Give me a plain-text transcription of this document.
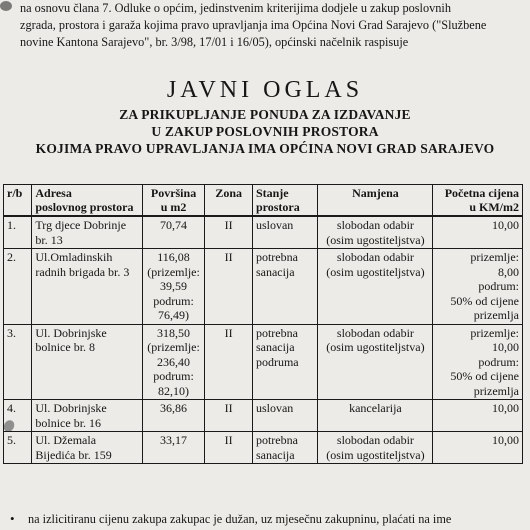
na osnovu člana 7. Odluke o općim, jedinstvenim kriterijima dodjele u zakup poslovnih

zgrada, prostora i garaža kojima pravo upravljanja ima Općina Novi Grad Sarajevo ("Službene

novine Kantona Sarajevo", br. 3/98, 17/01 i 16/05), općinski načelnik raspisuje

JAVNI OGLAS
ZA PRIKUPLJANJE PONUDA ZA IZDAVANJE
U ZAKUP POSLOVNIH PROSTORA
KOJIMA PRAVO UPRAVLJANJA IMA OPĆINA NOVI GRAD SARAJEVO
r/b	Adresa
poslovnog prostora	Površina
u m2	Zona	Stanje
prostora	Namjena	Početna cijena
u KM/m2

1.	Trg djece Dobrinje
br. 13	70,74	II	uslovan	slobodan odabir
(osim ugostiteljstva)	10,00

2.	Ul.Omladinskih
radnih brigada br. 3	116,08
(prizemlje:
39,59
podrum:
76,49)	II	potrebna
sanacija	slobodan odabir
(osim ugostiteljstva)	prizemlje:
8,00
podrum:
50% od cijene
prizemlja

3.	Ul. Dobrinjske
bolnice br. 8	318,50
(prizemlje:
236,40
podrum:
82,10)	II	potrebna
sanacija
podruma	slobodan odabir
(osim ugostiteljstva)	prizemlje:
10,00
podrum:
50% od cijene
prizemlja

4.	Ul. Dobrinjske
bolnice br. 16	36,86	II	uslovan	kancelarija	10,00

5.	Ul. Džemala
Bijedića br. 159	33,17	II	potrebna
sanacija	slobodan odabir
(osim ugostiteljstva)	10,00
• na izlicitiranu cijenu zakupa zakupac je dužan, uz mjesečnu zakupninu, plaćati na ime
